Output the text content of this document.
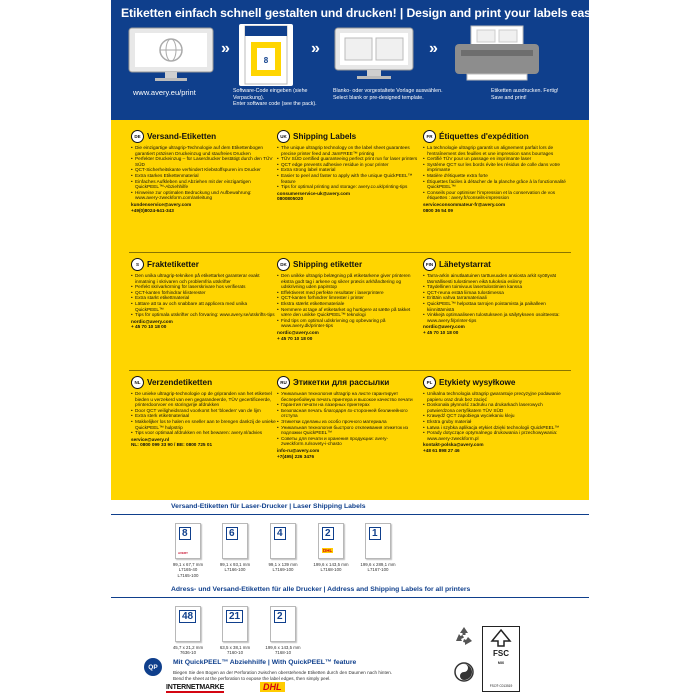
Etiketten einfach schnell gestalten und drucken! | Design and print your labels easily!
»
8
Software-Code eingeben (siehe Verpackung).
Enter software code (see the pack).
»
Blanko- oder vorgestaltete Vorlage auswählen.
Select blank or pre-designed template.
»
Etiketten ausdrucken. Fertig!
Save and print!
www.avery.eu/print
DE Versand-Etiketten
• Die einzigartige ultragrip-Technologie auf dem Etikettenbogen garantiert präzisen Druckeinzug und staufreies Drucken
• Perfekter Druckeinzug – für Laserdrucker bestätigt durch den TÜV SÜD
• QCT-Sicherheitskante verhindert Klebstoffspuren im Drucker
• Extra starkes Etikettenmaterial
• Einfaches Aufkleben und Abziehen mit der einzigartigen QuickPEEL™-Abziehhilfe
• Hinweise zur optimalen Bedruckung und Aufbewahrung: www.avery-zweckform.com/anleitung
kundenservice@avery.com
+49(0)8024-641-343
UK Shipping Labels
• The unique ultragrip technology on the label sheet guarantees precise printer feed and JamFREE™ printing
• TÜV SÜD certified guaranteeing perfect print run for laser printers
• QCT edge prevents adhesive residue in your printer
• Extra strong label material
• Easier to peel and faster to apply with the unique QuickPEEL™ feature
• Tips for optimal printing and storage: avery.co.uk/printing-tips
consumerservice-uk@avery.com
0800805020
FR Étiquettes d'expédition
• La technologie ultragrip garantit un alignement parfait lors de l'entraînement des feuilles et une impression sans bourrages
• Certifié TÜV pour un passage en imprimante laser
• Système QCT sur les bords évite les résidus de colle dans votre imprimante
• Matière d'étiquette extra forte
• Étiquettes faciles à détacher de la planche grâce à la fonctionnalité QuickPEEL™
• Conseils pour optimiser l'impression et la conservation de vos étiquettes : avery.fr/conseils-impression
serviceconsommateur-fr@avery.com
0800 36 54 09
S Fraktetiketter
• Den unika ultragrip-tekniken på etikettarket garanterar exakt inmatning i skrivaren och problemfria utskrifter
• Perfekt skrivarkörning för laserskrivare hos verifierats
• QCT-kanten förhindrar klisterester
• Extra starkt etikettmaterial
• Lättare att ta av och snabbare att applicera med unika QuickPEEL™
• Tips för optimala utskrifter och förvaring: www.avery.se/utskrifts-tips
nordic@avery.com
+ 45 70 10 18 00
DK Shipping etiketter
• Den unikke ultragrip belægning på etiketarkene giver printeren ekstra godt tag i arkene og sikrer præcis arkhåndtering og udskrivning uden papirstop
• Effektiveret med perfekte resultater i laserprintere
• QCT-kanten forhindrer limrester i printer
• Ekstra stærkt etikettemateriale
• Nemmere at tage af etiketarket og hurtigere at sætte på takket være den unikke QuickPEEL™ teknologi
• Find tips om optimal udskrivning og opbevaring på www.avery.dk/printer-tips
nordic@avery.com
+ 45 70 10 18 00
FIN Lähetystarrat
• Tarra-arkin ainutlaatuinen tarttuvuuden ansiosta arkit syöttyvät täsmällisesti tulostimeen eikä tukoksia esiinny
• Täydellinen toimivuus lasertulostimien kanssa
• QCT-reuna estää liimaa tulostimessa
• Erittäin vahva tarramateriaali
• QuickPEEL™ helpottaa tarrojen poistamista ja paikalleen kiinnittämistä
• Vinkkejä optimaaliseen tulostukseen ja säilytykseen osoitteesta: www.avery.fi/printer-tips
nordic@avery.com
+ 45 70 10 18 00
NL Verzendetiketten
• De unieke ultragrip-technologie op de gripranden van het etiketvel bieden u verzekerd van een gegarandeerde, TÜV gecertificeerde, printerdoorvoer en storingvrije afdrukken
• Door QCT veiligheidsrand voorkomt het 'bloeden' van de lijm
• Extra sterk etiketmateriaal
• Makkelijker los te halen en sneller aan te brengen dankzij de unieke QuickPEEL™ hulpstrip
• Tips voor optimaal afdrukken en het bewaren: avery.nl/advies
service@avery.nl
NL: 0800 099 33 90 / BE: 0800 725 01
RU Этикетки для рассылки
• Уникальная технология ultragrip на листе гарантирует бесперебойную печать принтера и высокое качество печати
• Гарантия печати на лазерных принтерах
• Безопасная печать благодаря 4х-сторонней безлинейного отступа
• Этикетки сделаны из особо прочного материала
• Уникальная технология быстрого отклеивания этикеток из подложки QuickPEEL™
• Советы для печати и хранения продукции: avery-zweckform.ru/sovety-i-chasto
info-ru@avery.com
+7(495) 226 3476
PL Etykiety wysyłkowe
• Unikalna technologia ultragrip gwarantuje precyzyjne podawanie papieru oraz druk bez zacięć
• Doskonała płynność zadruku na drukarkach laserowych potwierdzona certyfikatem TÜV SÜD
• Krawędź QCT zapobiega wyciekaniu kleju
• Ekstra gruby materiał
• Łatwa i szybka aplikacja etykiet dzięki technologii QuickPEEL™
• Porady dotyczące optymalnego drukowania i przechowywania: www.avery-zweckform.pl
kontakt-polska@avery.com
+48 61 898 27 46
Versand-Etiketten für Laser-Drucker | Laser Shipping Labels
8
AVERY
99,1 x 67,7 mm
L7165-40
L7165-100
6
99,1 x 93,1 mm
L7166-100
4
99,1 x 139 mm
L7169-100
2
DHL
199,6 x 143,5 mm
L7168-100
1
199,6 x 289,1 mm
L7167-100
Adress- und Versand-Etiketten für alle Drucker | Address and Shipping Labels for all printers
48
45,7 x 21,2 mm
7636-10
21
63,5 x 38,1 mm
7160-10
2
199,6 x 143,5 mm
7168-10	FSC
MIX
FSC® C013519
QP
Mit QuickPEEL™ Abziehhilfe | With QuickPEEL™ feature
Biegen Sie den Bogen an der Perforation zwischen oberstehende Etiketten durch den Daumen nach hinten.
Bend the sheet at the perforation to expose the label edges, then simply peel.
INTERNETMARKE	DHL
